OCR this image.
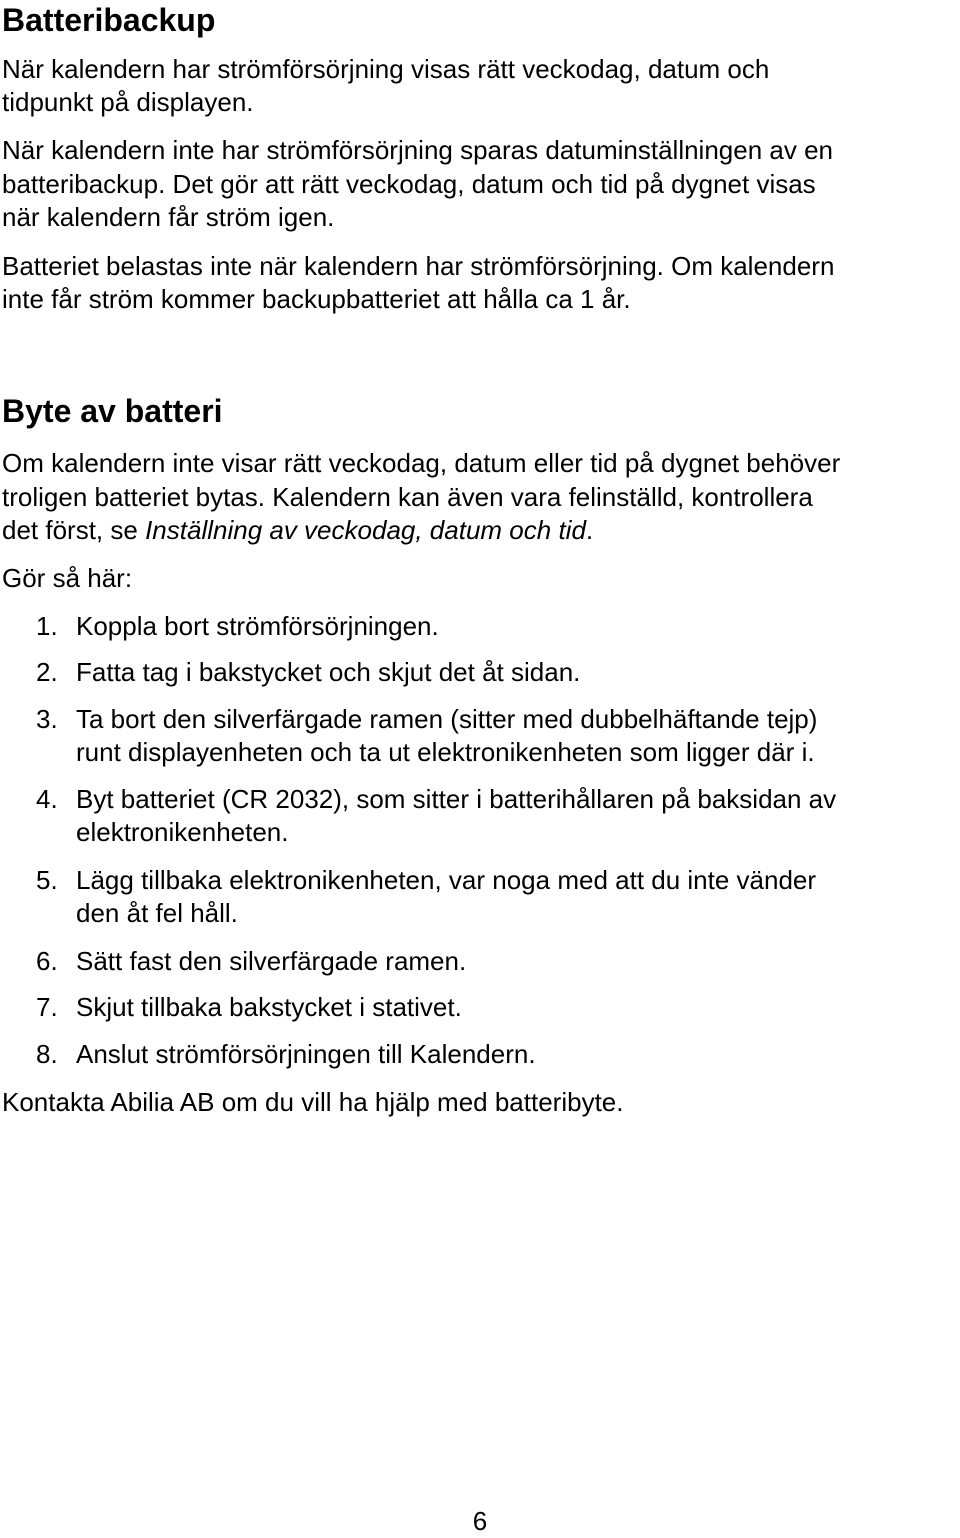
Batteribackup
När kalendern har strömförsörjning visas rätt veckodag, datum och
tidpunkt på displayen.
När kalendern inte har strömförsörjning sparas datuminställningen av en
batteribackup. Det gör att rätt veckodag, datum och tid på dygnet visas
när kalendern får ström igen.
Batteriet belastas inte när kalendern har strömförsörjning. Om kalendern
inte får ström kommer backupbatteriet att hålla ca 1 år.
Byte av batteri
Om kalendern inte visar rätt veckodag, datum eller tid på dygnet behöver
troligen batteriet bytas. Kalendern kan även vara felinställd, kontrollera
det först, se Inställning av veckodag, datum och tid.
Gör så här:
1. Koppla bort strömförsörjningen.
2. Fatta tag i bakstycket och skjut det åt sidan.
3. Ta bort den silverfärgade ramen (sitter med dubbelhäftande tejp)
runt displayenheten och ta ut elektronikenheten som ligger där i.
4. Byt batteriet (CR 2032), som sitter i batterihållaren på baksidan av
elektronikenheten.
5. Lägg tillbaka elektronikenheten, var noga med att du inte vänder
den åt fel håll.
6. Sätt fast den silverfärgade ramen.
7. Skjut tillbaka bakstycket i stativet.
8. Anslut strömförsörjningen till Kalendern.
Kontakta Abilia AB om du vill ha hjälp med batteribyte.
6
